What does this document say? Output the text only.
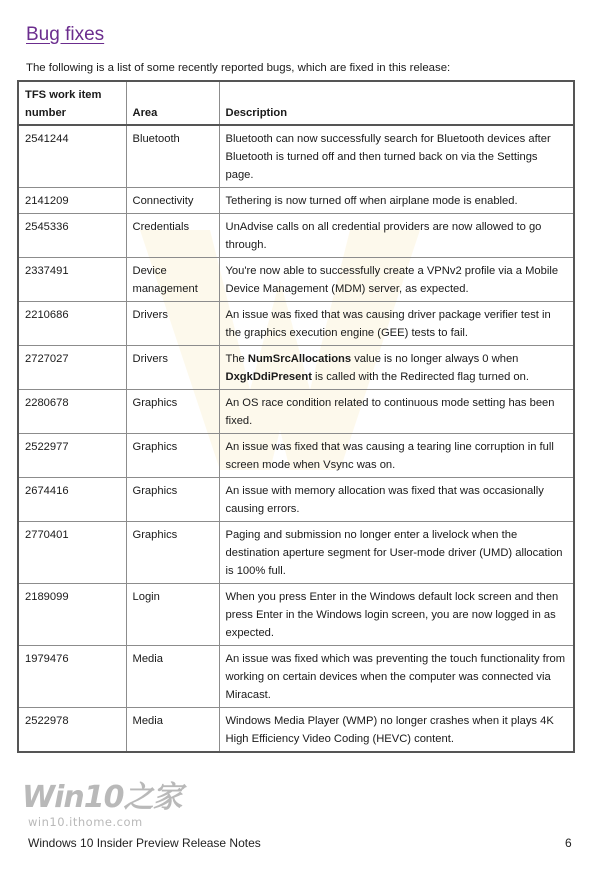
Bug fixes

The following is a list of some recently reported bugs, which are fixed in this release:

TFS work item number	Area	Description
2541244	Bluetooth	Bluetooth can now successfully search for Bluetooth devices after Bluetooth is turned off and then turned back on via the Settings page.
2141209	Connectivity	Tethering is now turned off when airplane mode is enabled.
2545336	Credentials	UnAdvise calls on all credential providers are now allowed to go through.
2337491	Device management	You're now able to successfully create a VPNv2 profile via a Mobile Device Management (MDM) server, as expected.
2210686	Drivers	An issue was fixed that was causing driver package verifier test in the graphics execution engine (GEE) tests to fail.
2727027	Drivers	The NumSrcAllocations value is no longer always 0 when DxgkDdiPresent is called with the Redirected flag turned on.
2280678	Graphics	An OS race condition related to continuous mode setting has been fixed.
2522977	Graphics	An issue was fixed that was causing a tearing line corruption in full screen mode when Vsync was on.
2674416	Graphics	An issue with memory allocation was fixed that was occasionally causing errors.
2770401	Graphics	Paging and submission no longer enter a livelock when the destination aperture segment for User-mode driver (UMD) allocation is 100% full.
2189099	Login	When you press Enter in the Windows default lock screen and then press Enter in the Windows login screen, you are now logged in as expected.
1979476	Media	An issue was fixed which was preventing the touch functionality from working on certain devices when the computer was connected via Miracast.
2522978	Media	Windows Media Player (WMP) no longer crashes when it plays 4K High Efficiency Video Coding (HEVC) content.
Win10之家
win10.ithome.com
Windows 10 Insider Preview Release Notes	6
